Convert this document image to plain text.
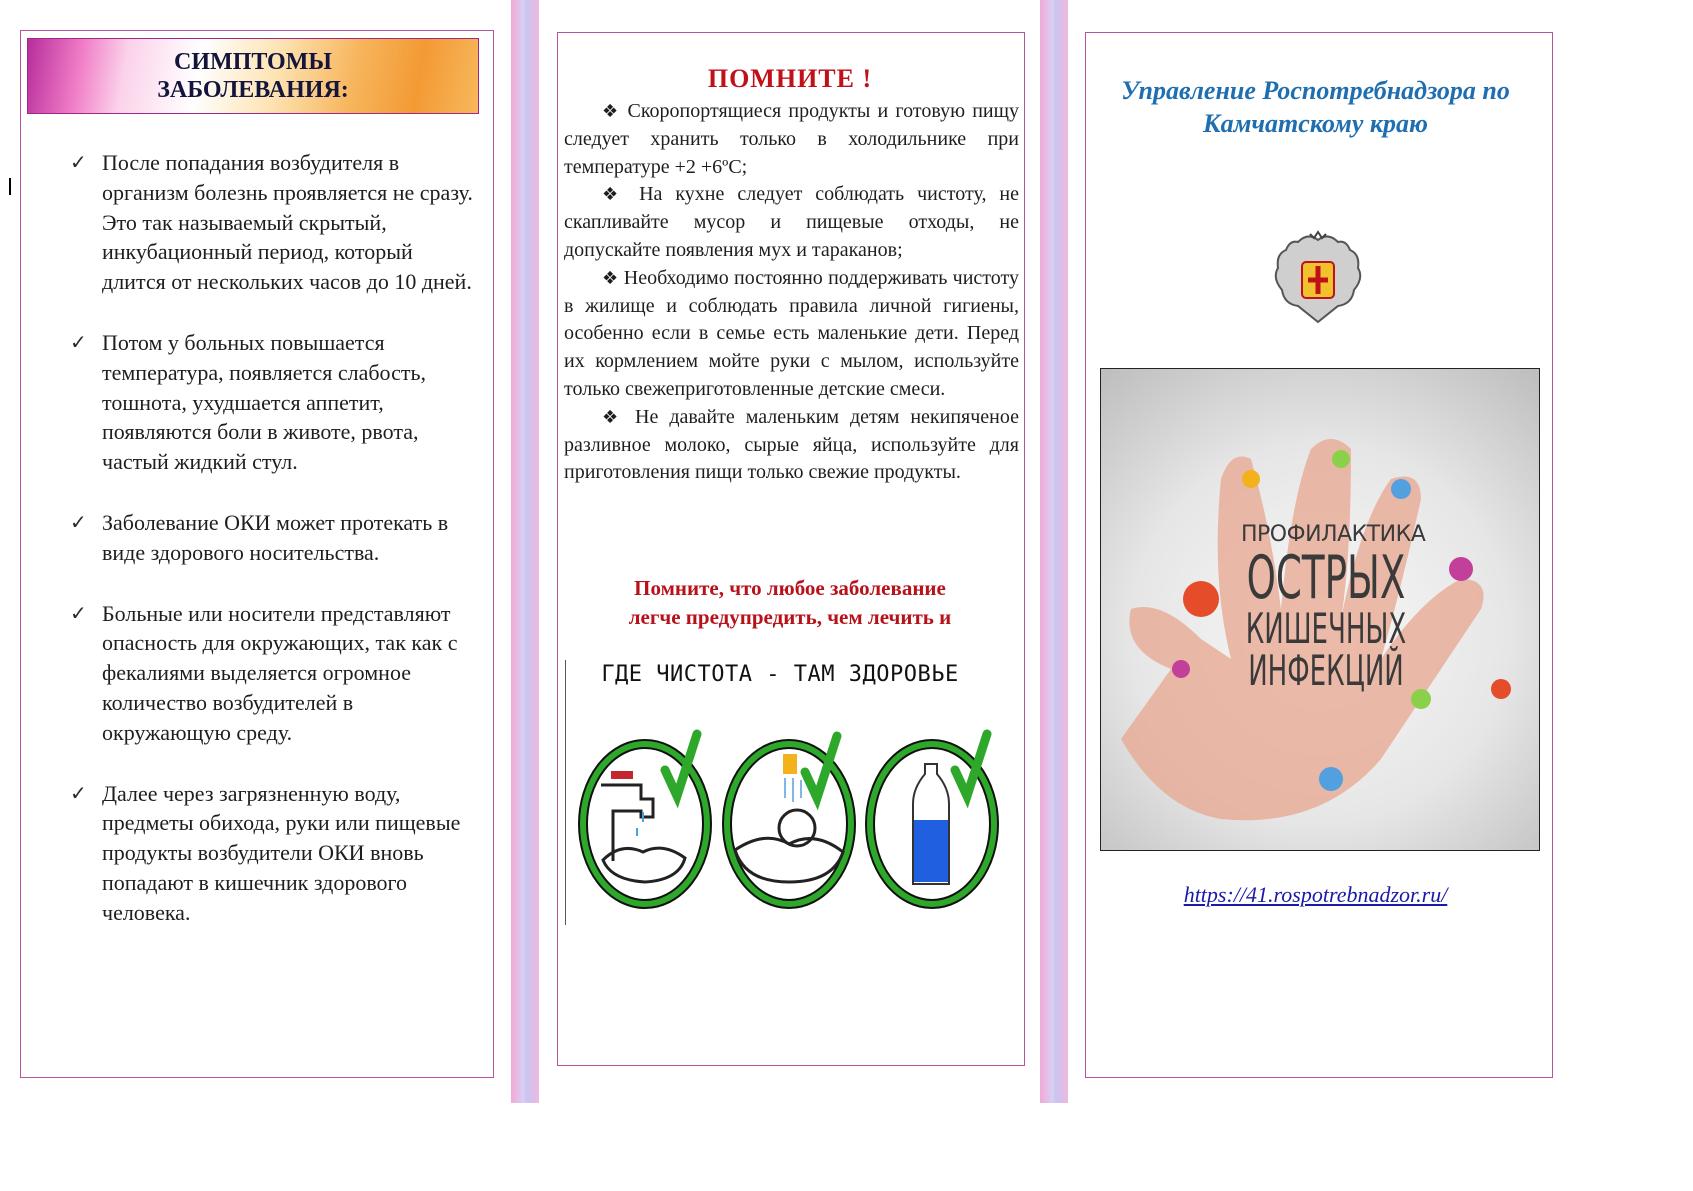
СИМПТОМЫ
ЗАБОЛЕВАНИЯ:
✓ После попадания возбудителя в организм болезнь проявляется не сразу. Это так называемый скрытый, инкубационный период, который длится от нескольких часов до 10 дней.
✓ Потом у больных повышается температура, появляется слабость, тошнота, ухудшается аппетит, появляются боли в животе, рвота, частый жидкий стул.
✓ Заболевание ОКИ может протекать в виде здорового носительства.
✓ Больные или носители представляют опасность для окружающих, так как с фекалиями выделяется огромное количество возбудителей в окружающую среду.
✓ Далее через загрязненную воду, предметы обихода, руки или пищевые продукты возбудители ОКИ вновь попадают в кишечник здорового человека.
ПОМНИТЕ !

❖ Скоропортящиеся продукты и готовую пищу следует хранить только в холодильнике при температуре +2 +6ºС;

❖ На кухне следует соблюдать чистоту, не скапливайте мусор и пищевые отходы, не допускайте появления мух и тараканов;

❖ Необходимо постоянно поддерживать чистоту в жилище и соблюдать правила личной гигиены, особенно если в семье есть маленькие дети. Перед их кормлением мойте руки с мылом, используйте только свежеприготовленные детские смеси.

❖ Не давайте маленьким детям некипяченое разливное молоко, сырые яйца, используйте для приготовления пищи только свежие продукты.

Помните, что любое заболевание
легче предупредить, чем лечить и
ГДЕ ЧИСТОТА - ТАМ ЗДОРОВЬЕ
Управление Роспотребнадзора по
Камчатскому краю
ПРОФИЛАКТИКА
ОСТРЫХ
КИШЕЧНЫХ
ИНФЕКЦИЙ
https://41.rospotrebnadzor.ru/
